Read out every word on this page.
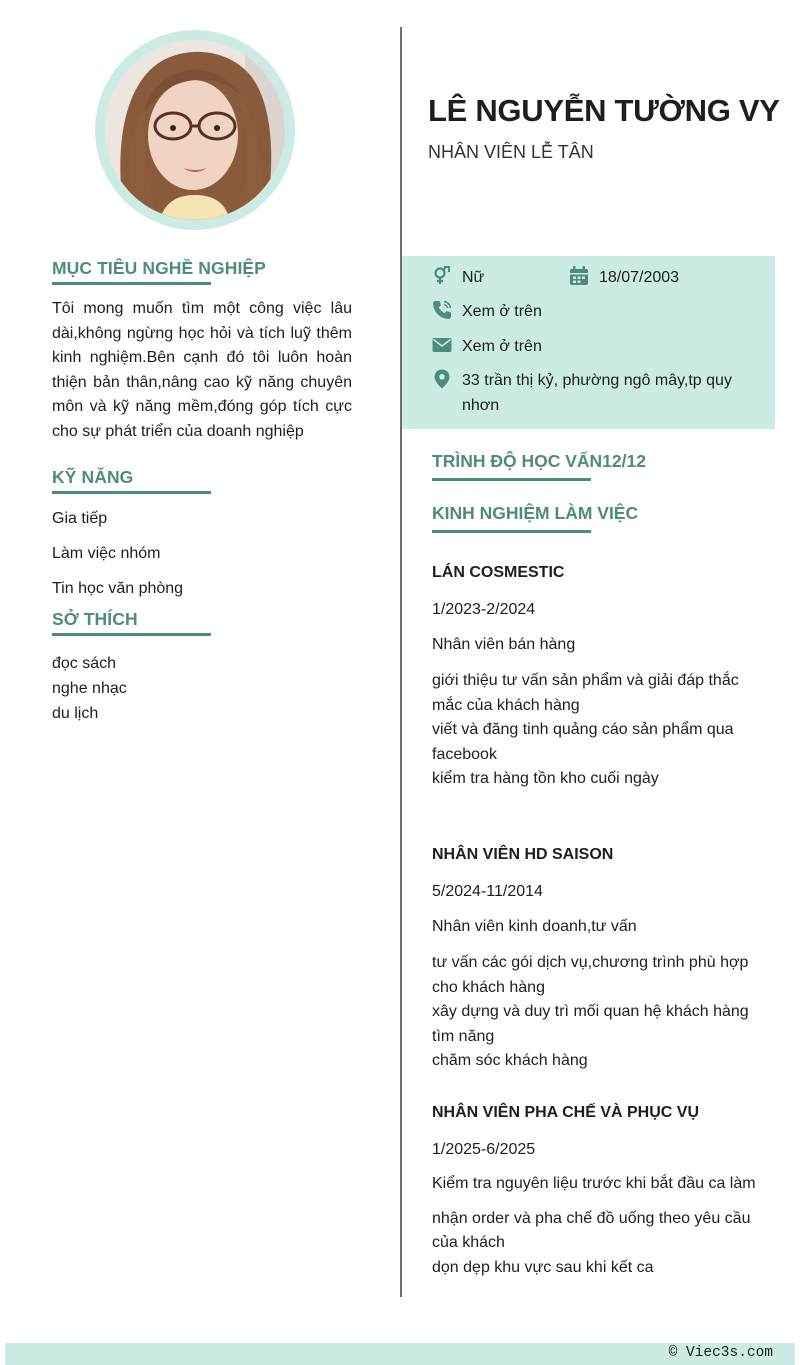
MỤC TIÊU NGHỀ NGHIỆP

Tôi mong muốn tìm một công việc lâu dài,không ngừng học hỏi và tích luỹ thêm kinh nghiệm.Bên cạnh đó tôi luôn hoàn thiện bản thân,nâng cao kỹ năng chuyên môn và kỹ năng mềm,đóng góp tích cực cho sự phát triển của doanh nghiệp

KỸ NĂNG
Gia tiếp
Làm việc nhóm
Tin học văn phòng
SỞ THÍCH
đọc sách
nghe nhạc
du lịch
LÊ NGUYỄN TƯỜNG VY
NHÂN VIÊN LỄ TÂN
Nữ	18/07/2003
Xem ở trên
Xem ở trên
33 trần thị kỷ, phường ngô mây,tp quy nhơn
TRÌNH ĐỘ HỌC VẤN12/12
KINH NGHIỆM LÀM VIỆC
LÁN COSMESTIC
1/2023-2/2024
Nhân viên bán hàng
giới thiệu tư vấn sản phẩm và giải đáp thắc mắc của khách hàng
viết và đăng tinh quảng cáo sản phẩm qua facebook
kiểm tra hàng tồn kho cuối ngày
NHÂN VIÊN HD SAISON
5/2024-11/2014
Nhân viên kinh doanh,tư vấn
tư vấn các gói dịch vụ,chương trình phù hợp cho khách hàng
xây dựng và duy trì mối quan hệ khách hàng tìm năng
chăm sóc khách hàng
NHÂN VIÊN PHA CHẾ VÀ PHỤC VỤ
1/2025-6/2025
Kiểm tra nguyên liệu trước khi bắt đầu ca làm
nhận order và pha chế đồ uống theo yêu cầu của khách
dọn dẹp khu vực sau khi kết ca
© Viec3s.com
